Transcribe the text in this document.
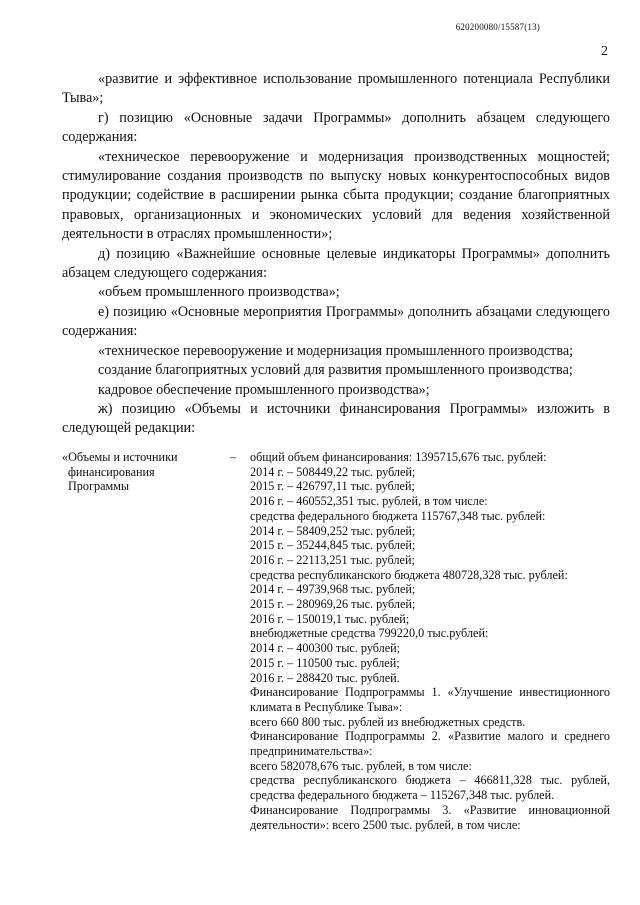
620200080/15587(13)
2

«развитие и эффективное использование промышленного потенциала Республики Тыва»;

г) позицию «Основные задачи Программы» дополнить абзацем следующего содержания:

«техническое перевооружение и модернизация производственных мощностей; стимулирование создания производств по выпуску новых конкурентоспособных видов продукции; содействие в расширении рынка сбыта продукции; создание благоприятных правовых, организационных и экономических условий для ведения хозяйственной деятельности в отраслях промышленности»;

д) позицию «Важнейшие основные целевые индикаторы Программы» дополнить абзацем следующего содержания:

«объем промышленного производства»;

е) позицию «Основные мероприятия Программы» дополнить абзацами следующего содержания:

«техническое перевооружение и модернизация промышленного производства;

создание благоприятных условий для развития промышленного производства;

кадровое обеспечение промышленного производства»;

ж) позицию «Объемы и источники финансирования Программы» изложить в следующей редакции:

«Объемы и источники
финансирования
Программы
– общий объем финансирования: 1395715,676 тыс. рублей:
2014 г. – 508449,22 тыс. рублей;
2015 г. – 426797,11 тыс. рублей;
2016 г. – 460552,351 тыс. рублей, в том числе:
средства федерального бюджета 115767,348 тыс. рублей:
2014 г. – 58409,252 тыс. рублей;
2015 г. – 35244,845 тыс. рублей;
2016 г. – 22113,251 тыс. рублей;
средства республиканского бюджета 480728,328 тыс. рублей:
2014 г. – 49739,968 тыс. рублей;
2015 г. – 280969,26 тыс. рублей;
2016 г. – 150019,1 тыс. рублей;
внебюджетные средства 799220,0 тыс.рублей:
2014 г. – 400300 тыс. рублей;
2015 г. – 110500 тыс. рублей;
2016 г. – 288420 тыс. рублей.
Финансирование Подпрограммы 1. «Улучшение инвестиционного климата в Республике Тыва»:
всего 660 800 тыс. рублей из внебюджетных средств.
Финансирование Подпрограммы 2. «Развитие малого и среднего предпринимательства»:
всего 582078,676 тыс. рублей, в том числе:
средства республиканского бюджета – 466811,328 тыс. рублей, средства федерального бюджета – 115267,348 тыс. рублей.
Финансирование Подпрограммы 3. «Развитие инновационной деятельности»: всего 2500 тыс. рублей, в том числе:
